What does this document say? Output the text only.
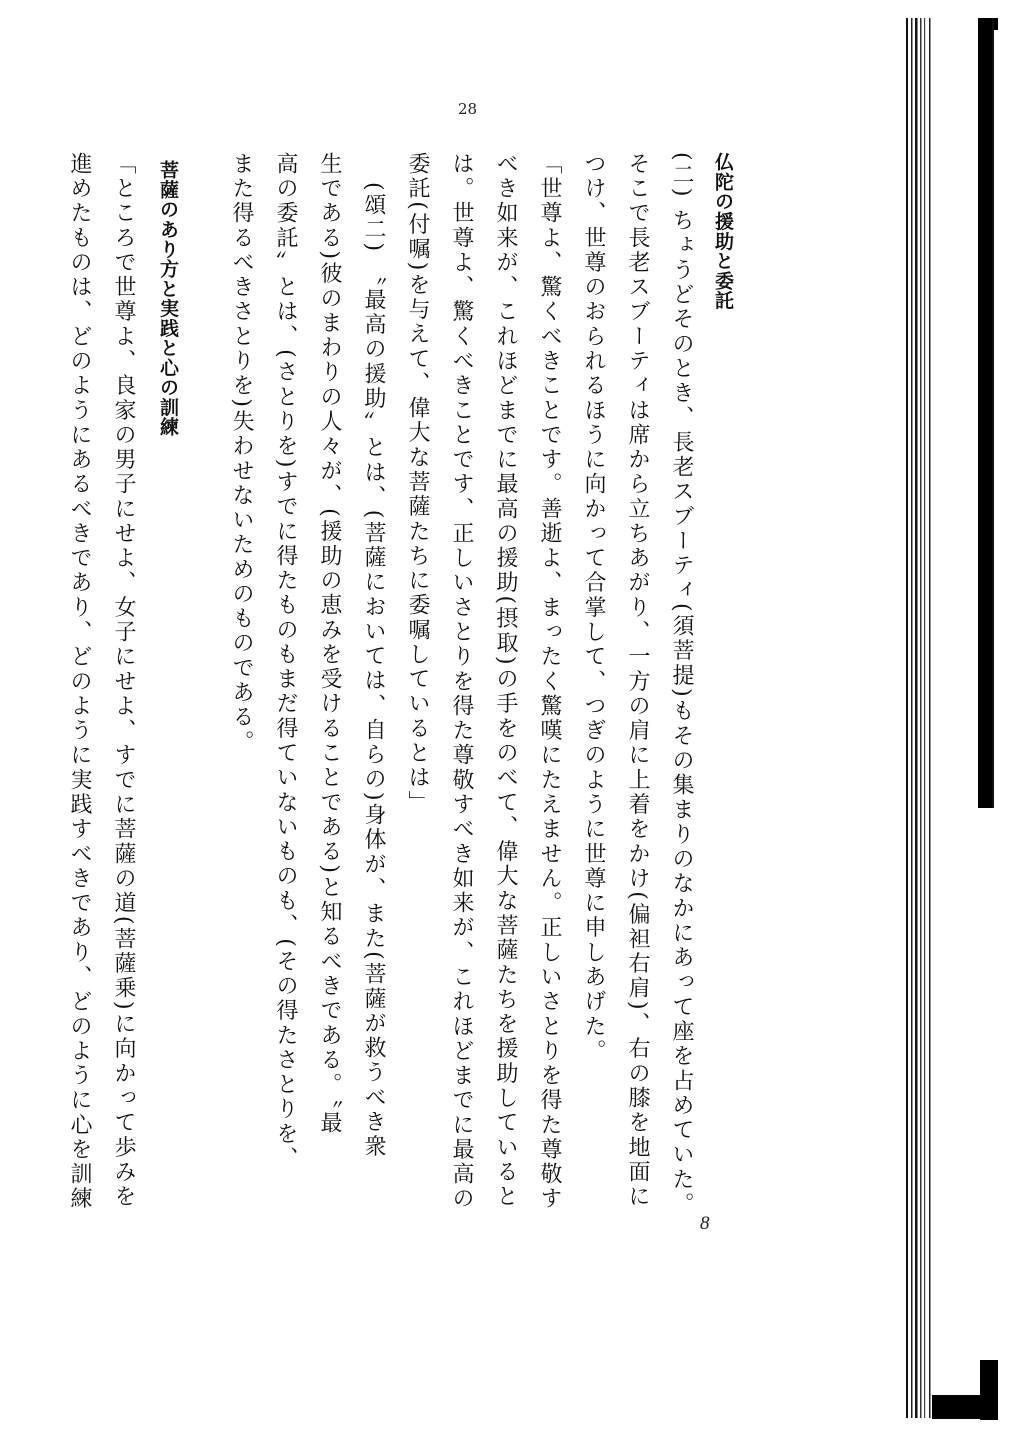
28
仏陀の援助と委託
(二) ちょうどそのとき、長老スブーティ(須菩提)もその集まりのなかにあって座を占めていた。
そこで長老スブーティは席から立ちあがり、一方の肩に上着をかけ(偏袒右肩)、右の膝を地面に
つけ、世尊のおられるほうに向かって合掌して、つぎのように世尊に申しあげた。
「世尊よ、驚くべきことです。善逝よ、まったく驚嘆にたえません。正しいさとりを得た尊敬す
べき如来が、これほどまでに最高の援助(摂取)の手をのべて、偉大な菩薩たちを援助していると
は。世尊よ、驚くべきことです、正しいさとりを得た尊敬すべき如来が、これほどまでに最高の
委託(付嘱)を与えて、偉大な菩薩たちに委嘱しているとは」
(頌二) 〝最高の援助〟とは、(菩薩においては、自らの)身体が、また(菩薩が救うべき衆
生である)彼のまわりの人々が、(援助の恵みを受けることである)と知るべきである。〝最
高の委託〟とは、(さとりを)すでに得たものもまだ得ていないものも、(その得たさとりを、
また得るべきさとりを)失わせないためのものである。
菩薩のあり方と実践と心の訓練
「ところで世尊よ、良家の男子にせよ、女子にせよ、すでに菩薩の道(菩薩乗)に向かって歩みを
進めたものは、どのようにあるべきであり、どのように実践すべきであり、どのように心を訓練
8
